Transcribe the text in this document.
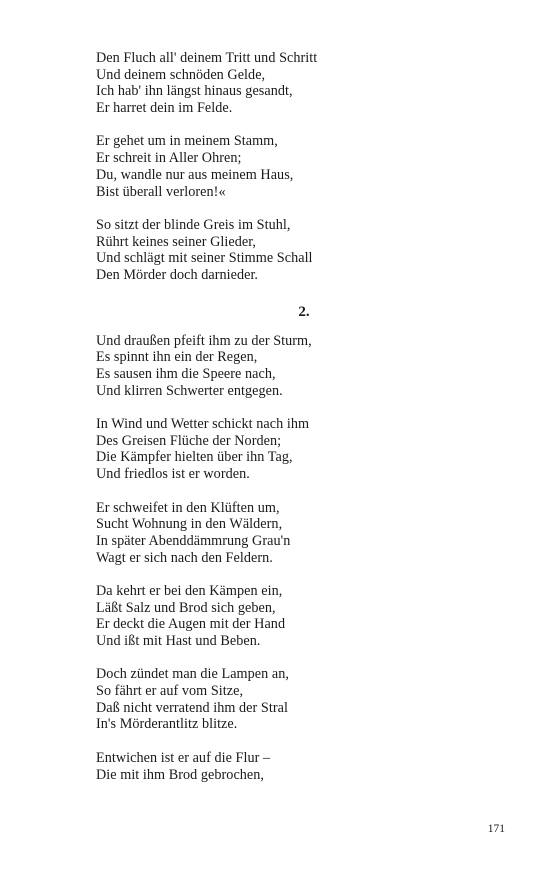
Den Fluch all' deinem Tritt und Schritt
Und deinem schnöden Gelde,
Ich hab' ihn längst hinaus gesandt,
Er harret dein im Felde.
Er gehet um in meinem Stamm,
Er schreit in Aller Ohren;
Du, wandle nur aus meinem Haus,
Bist überall verloren!«
So sitzt der blinde Greis im Stuhl,
Rührt keines seiner Glieder,
Und schlägt mit seiner Stimme Schall
Den Mörder doch darnieder.
2.
Und draußen pfeift ihm zu der Sturm,
Es spinnt ihn ein der Regen,
Es sausen ihm die Speere nach,
Und klirren Schwerter entgegen.
In Wind und Wetter schickt nach ihm
Des Greisen Flüche der Norden;
Die Kämpfer hielten über ihn Tag,
Und friedlos ist er worden.
Er schweifet in den Klüften um,
Sucht Wohnung in den Wäldern,
In später Abenddämmrung Grau'n
Wagt er sich nach den Feldern.
Da kehrt er bei den Kämpen ein,
Läßt Salz und Brod sich geben,
Er deckt die Augen mit der Hand
Und ißt mit Hast und Beben.
Doch zündet man die Lampen an,
So fährt er auf vom Sitze,
Daß nicht verratend ihm der Stral
In's Mörderantlitz blitze.
Entwichen ist er auf die Flur –
Die mit ihm Brod gebrochen,
171
